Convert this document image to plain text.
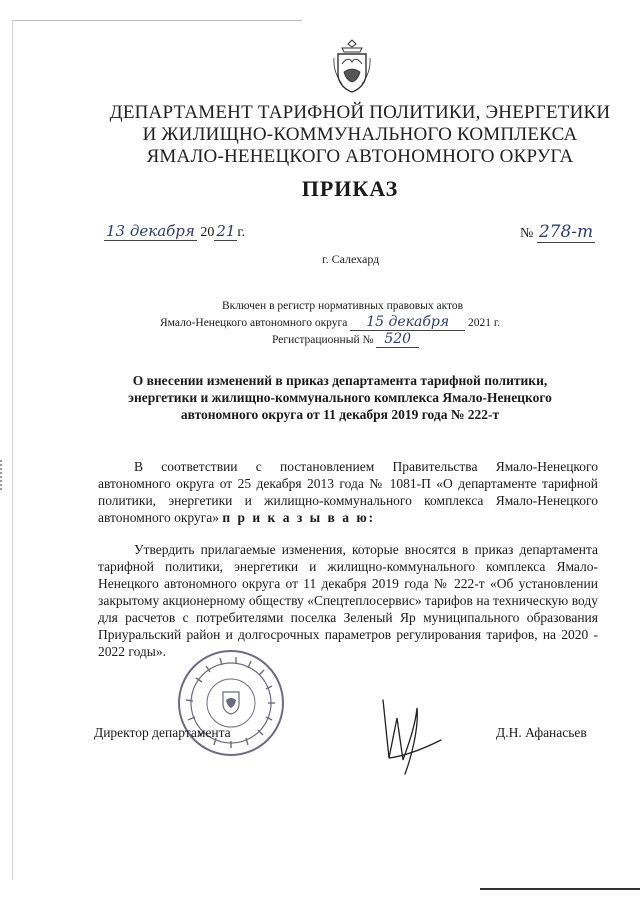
ДЕПАРТАМЕНТ ТАРИФНОЙ ПОЛИТИКИ, ЭНЕРГЕТИКИ
И ЖИЛИЩНО-КОММУНАЛЬНОГО КОМПЛЕКСА
ЯМАЛО-НЕНЕЦКОГО АВТОНОМНОГО ОКРУГА
ПРИКАЗ
13 декабря 20 21 г.	№ 278-т
г. Салехард
Включен в регистр нормативных правовых актов
Ямало-Ненецкого автономного округа 15 декабря 2021 г.
Регистрационный № 520
О внесении изменений в приказ департамента тарифной политики, энергетики и жилищно-коммунального комплекса Ямало-Ненецкого автономного округа от 11 декабря 2019 года № 222-т
В соответствии с постановлением Правительства Ямало-Ненецкого автономного округа от 25 декабря 2013 года № 1081-П «О департаменте тарифной политики, энергетики и жилищно-коммунального комплекса Ямало-Ненецкого автономного округа» п р и к а з ы в а ю:
Утвердить прилагаемые изменения, которые вносятся в приказ департамента тарифной политики, энергетики и жилищно-коммунального комплекса Ямало-Ненецкого автономного округа от 11 декабря 2019 года № 222-т «Об установлении закрытому акционерному обществу «Спецтеплосервис» тарифов на техническую воду для расчетов с потребителями поселка Зеленый Яр муниципального образования Приуральский район и долгосрочных параметров регулирования тарифов, на 2020 - 2022 годы».
Директор департамента	Д.Н. Афанасьев
